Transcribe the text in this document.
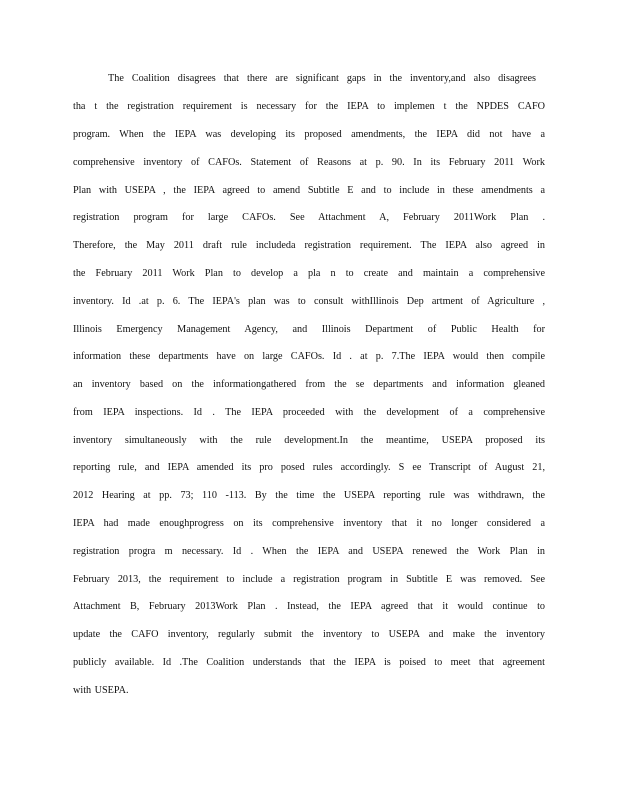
The Coalition disagrees that there are significant gaps in the inventory,and also disagrees

tha t the registration requirement is necessary for the IEPA to implemen t the NPDES CAFO

program. When the IEPA was developing its proposed amendments, the IEPA did not have a

comprehensive inventory of CAFOs. Statement of Reasons at p. 90. In its February 2011 Work

Plan with USEPA , the IEPA agreed to amend Subtitle E and to include in these amendments a

registration program for large CAFOs. See Attachment A, February 2011Work Plan .

Therefore, the May 2011 draft rule includeda registration requirement. The IEPA also agreed in

the February 2011 Work Plan to develop a pla n to create and maintain a comprehensive

inventory. Id .at p. 6. The IEPA's plan was to consult withIllinois Dep artment of Agriculture ,

Illinois Emergency Management Agency, and Illinois Department of Public Health for

information these departments have on large CAFOs. Id . at p. 7.The IEPA would then compile

an inventory based on the informationgathered from the se departments and information gleaned

from IEPA inspections. Id . The IEPA proceeded with the development of a comprehensive

inventory simultaneously with the rule development.In the meantime, USEPA proposed its

reporting rule, and IEPA amended its pro posed rules accordingly. S ee Transcript of August 21,

2012 Hearing at pp. 73; 110 -113. By the time the USEPA reporting rule was withdrawn, the

IEPA had made enoughprogress on its comprehensive inventory that it no longer considered a

registration progra m necessary. Id . When the IEPA and USEPA renewed the Work Plan in

February 2013, the requirement to include a registration program in Subtitle E was removed. See

Attachment B, February 2013Work Plan . Instead, the IEPA agreed that it would continue to

update the CAFO inventory, regularly submit the inventory to USEPA and make the inventory

publicly available. Id .The Coalition understands that the IEPA is poised to meet that agreement

with USEPA.
